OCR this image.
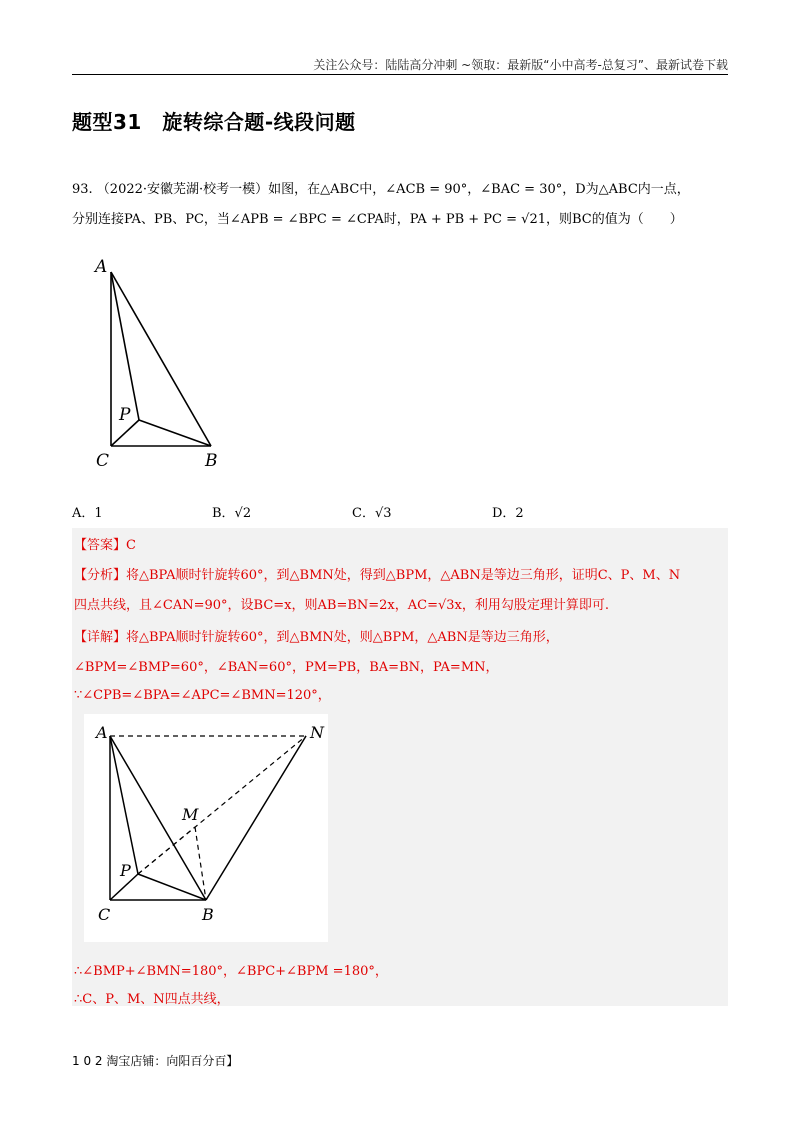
关注公众号：陆陆高分冲刺 ~领取：最新版“小中高考-总复习”、最新试卷下载
题型31　旋转综合题-线段问题
93. （2022·安徽芜湖·校考一模）如图，在△ABC中，∠ACB = 90°，∠BAC = 30°，D为△ABC内一点，
分别连接PA、PB、PC，当∠APB = ∠BPC = ∠CPA时，PA + PB + PC = √21，则BC的值为（　　）
A
P
C	B
A．1	B．√2	C．√3	D．2
【答案】C
【分析】将△BPA顺时针旋转60°，到△BMN处，得到△BPM，△ABN是等边三角形，证明C、P、M、N
四点共线，且∠CAN=90°，设BC=x，则AB=BN=2x，AC=√3x，利用勾股定理计算即可.
【详解】将△BPA顺时针旋转60°，到△BMN处，则△BPM，△ABN是等边三角形，
∠BPM=∠BMP=60°，∠BAN=60°，PM=PB，BA=BN，PA=MN，
∵∠CPB=∠BPA=∠APC=∠BMN=120°，
A	N
M
P
C	B
∴∠BMP+∠BMN=180°，∠BPC+∠BPM =180°，
∴C、P、M、N四点共线，
1 0 2 淘宝店铺：向阳百分百】
